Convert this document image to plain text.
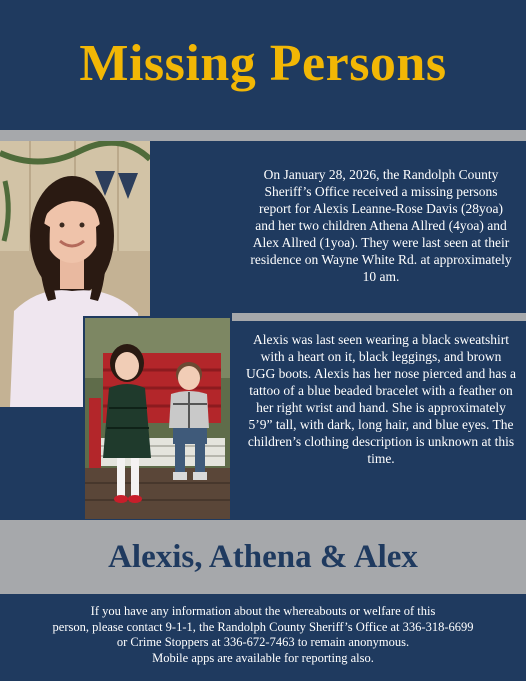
Missing Persons
On January 28, 2026, the Randolph County Sheriff’s Office received a missing persons report for Alexis Leanne-Rose Davis (28yoa) and her two children Athena Allred (4yoa) and Alex Allred (1yoa). They were last seen at their residence on Wayne White Rd. at approximately 10 am.
Alexis was last seen wearing a black sweatshirt with a heart on it, black leggings, and brown UGG boots. Alexis has her nose pierced and has a tattoo of a blue beaded bracelet with a feather on her right wrist and hand. She is approximately 5’9” tall, with dark, long hair, and blue eyes. The children’s clothing description is unknown at this time.
Alexis, Athena & Alex
If you have any information about the whereabouts or welfare of this
person, please contact 9-1-1, the Randolph County Sheriff’s Office at 336-318-6699
or Crime Stoppers at 336-672-7463 to remain anonymous.
Mobile apps are available for reporting also.
